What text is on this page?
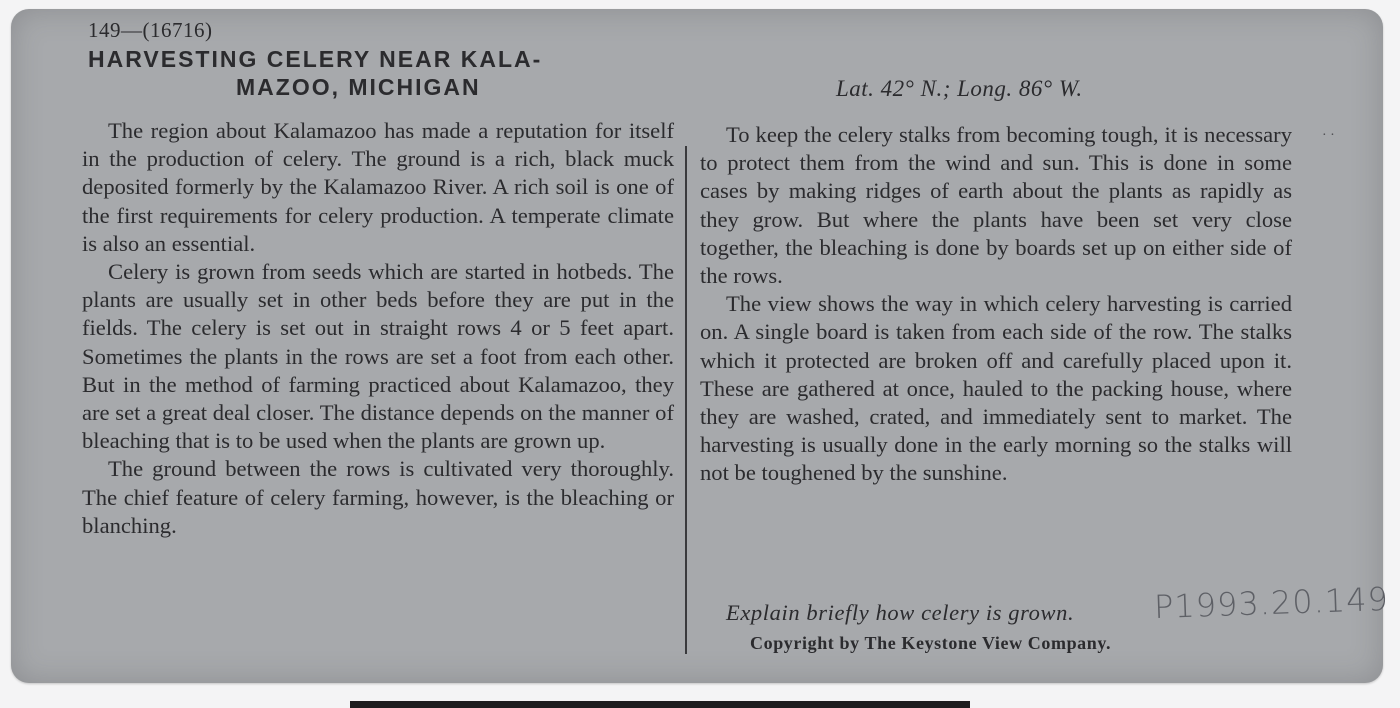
149—(16716)
HARVESTING CELERY NEAR KALA-
MAZOO, MICHIGAN	Lat. 42° N.; Long. 86° W.

The region about Kalamazoo has made a reputation for itself in the production of celery. The ground is a rich, black muck deposited formerly by the Kalamazoo River. A rich soil is one of the first requirements for celery production. A temperate climate is also an essential.

Celery is grown from seeds which are started in hotbeds. The plants are usually set in other beds before they are put in the fields. The celery is set out in straight rows 4 or 5 feet apart. Sometimes the plants in the rows are set a foot from each other. But in the method of farming practiced about Kalamazoo, they are set a great deal closer. The distance depends on the manner of bleaching that is to be used when the plants are grown up.

The ground between the rows is cultivated very thoroughly. The chief feature of celery farming, however, is the bleaching or blanching.

To keep the celery stalks from becoming tough, it is necessary to protect them from the wind and sun. This is done in some cases by making ridges of earth about the plants as rapidly as they grow. But where the plants have been set very close together, the bleaching is done by boards set up on either side of the rows.

The view shows the way in which celery harvesting is carried on. A single board is taken from each side of the row. The stalks which it protected are broken off and carefully placed upon it. These are gathered at once, hauled to the packing house, where they are washed, crated, and immediately sent to market. The harvesting is usually done in the early morning so the stalks will not be toughened by the sunshine.

Explain briefly how celery is grown.
Copyright by The Keystone View Company.
P1993.20.149
· ·
